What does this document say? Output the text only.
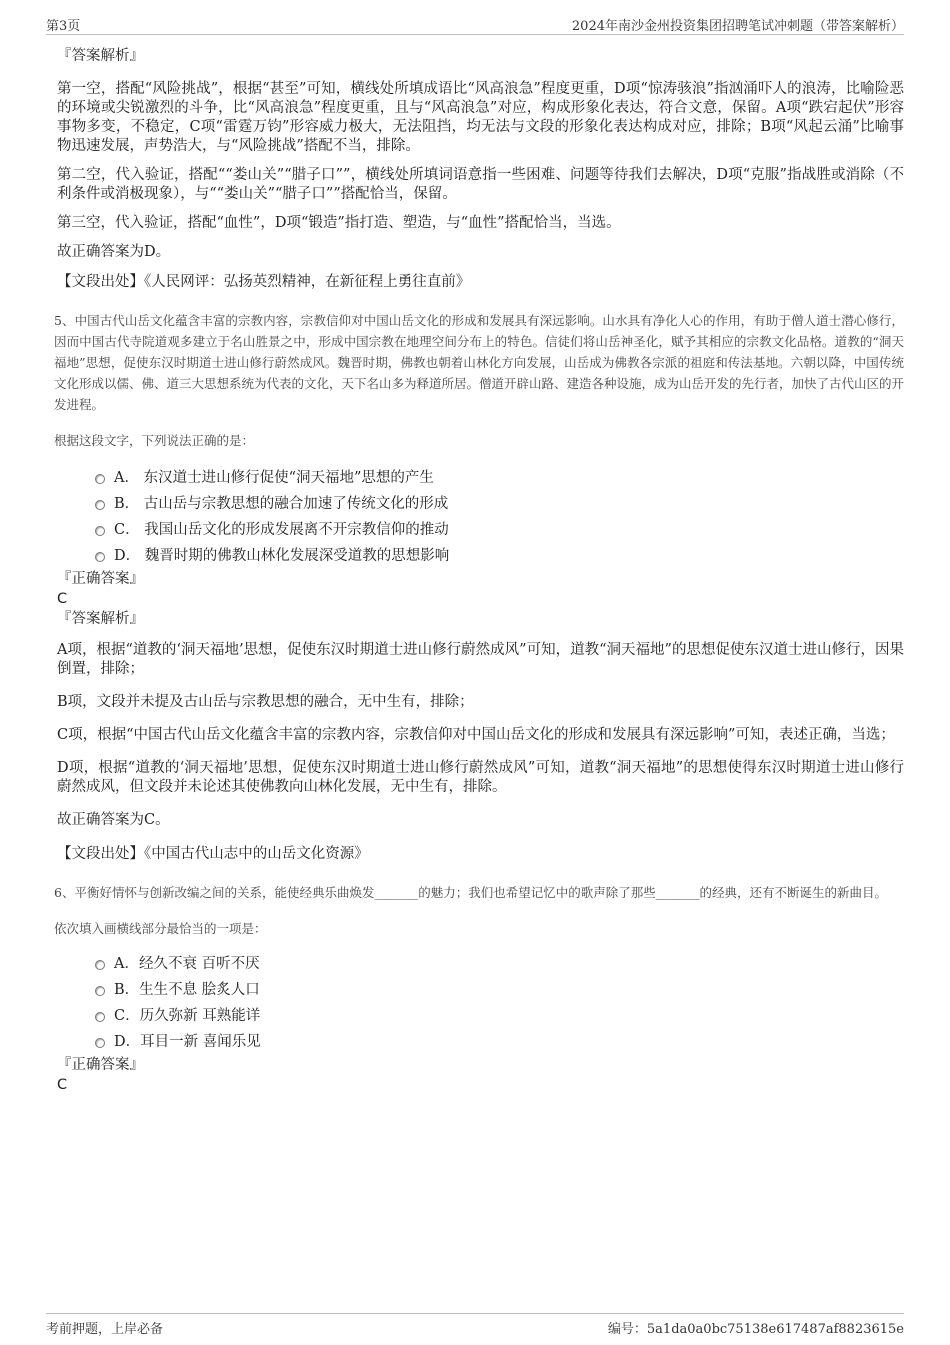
第3页	2024年南沙金州投资集团招聘笔试冲刺题（带答案解析）

『答案解析』

第一空，搭配“风险挑战”，根据“甚至”可知，横线处所填成语比“风高浪急”程度更重，D项“惊涛骇浪”指汹涌吓人的浪涛，比喻险恶的环境或尖锐激烈的斗争，比“风高浪急”程度更重，且与“风高浪急”对应，构成形象化表达，符合文意，保留。A项“跌宕起伏”形容事物多变，不稳定，C项“雷霆万钧”形容威力极大，无法阻挡，均无法与文段的形象化表达构成对应，排除；B项“风起云涌”比喻事物迅速发展，声势浩大，与“风险挑战”搭配不当，排除。

第二空，代入验证，搭配““娄山关”“腊子口””，横线处所填词语意指一些困难、问题等待我们去解决，D项“克服”指战胜或消除（不利条件或消极现象），与““娄山关”“腊子口””搭配恰当，保留。

第三空，代入验证，搭配“血性”，D项“锻造”指打造、塑造，与“血性”搭配恰当，当选。

故正确答案为D。

【文段出处】《人民网评：弘扬英烈精神，在新征程上勇往直前》

5、中国古代山岳文化蕴含丰富的宗教内容，宗教信仰对中国山岳文化的形成和发展具有深远影响。山水具有净化人心的作用，有助于僧人道士潜心修行，因而中国古代寺院道观多建立于名山胜景之中，形成中国宗教在地理空间分布上的特色。信徒们将山岳神圣化，赋予其相应的宗教文化品格。道教的“洞天福地”思想，促使东汉时期道士进山修行蔚然成风。魏晋时期，佛教也朝着山林化方向发展，山岳成为佛教各宗派的祖庭和传法基地。六朝以降，中国传统文化形成以儒、佛、道三大思想系统为代表的文化，天下名山多为释道所居。僧道开辟山路、建造各种设施，成为山岳开发的先行者，加快了古代山区的开发进程。

根据这段文字，下列说法正确的是：

A． 东汉道士进山修行促使“洞天福地”思想的产生
B． 古山岳与宗教思想的融合加速了传统文化的形成
C． 我国山岳文化的形成发展离不开宗教信仰的推动
D． 魏晋时期的佛教山林化发展深受道教的思想影响

『正确答案』

C

『答案解析』

A项，根据“道教的‘洞天福地’思想，促使东汉时期道士进山修行蔚然成风”可知，道教“洞天福地”的思想促使东汉道士进山修行，因果倒置，排除；

B项，文段并未提及古山岳与宗教思想的融合，无中生有，排除；

C项，根据“中国古代山岳文化蕴含丰富的宗教内容，宗教信仰对中国山岳文化的形成和发展具有深远影响”可知，表述正确，当选；

D项，根据“道教的‘洞天福地’思想，促使东汉时期道士进山修行蔚然成风”可知，道教“洞天福地”的思想使得东汉时期道士进山修行蔚然成风，但文段并未论述其使佛教向山林化发展，无中生有，排除。

故正确答案为C。

【文段出处】《中国古代山志中的山岳文化资源》

6、平衡好情怀与创新改编之间的关系，能使经典乐曲焕发_______的魅力；我们也希望记忆中的歌声除了那些_______的经典，还有不断诞生的新曲目。

依次填入画横线部分最恰当的一项是：

A．经久不衰 百听不厌
B．生生不息 脍炙人口
C．历久弥新 耳熟能详
D．耳目一新 喜闻乐见

『正确答案』

C

考前押题，上岸必备	编号：5a1da0a0bc75138e617487af8823615e
